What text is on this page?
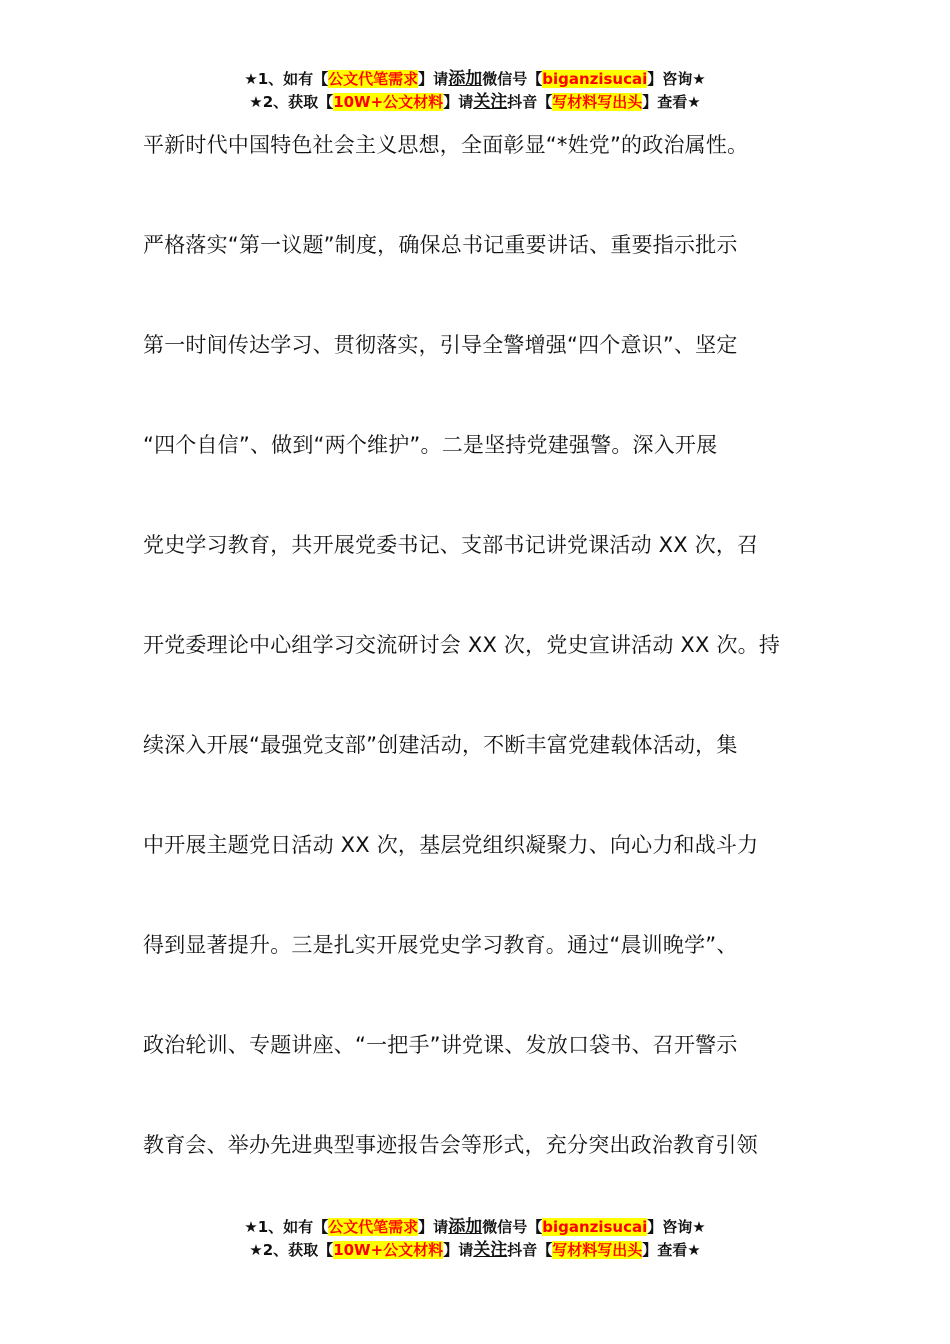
★1、如有【公文代笔需求】请添加微信号【biganzisucai】咨询★
★2、获取【10W+公文材料】请关注抖音【写材料写出头】查看★
平新时代中国特色社会主义思想，全面彰显“*姓党”的政治属性。
严格落实“第一议题”制度，确保总书记重要讲话、重要指示批示
第一时间传达学习、贯彻落实，引导全警增强“四个意识”、坚定
“四个自信”、做到“两个维护”。二是坚持党建强警。深入开展
党史学习教育，共开展党委书记、支部书记讲党课活动 XX 次，召
开党委理论中心组学习交流研讨会 XX 次，党史宣讲活动 XX 次。持
续深入开展“最强党支部”创建活动，不断丰富党建载体活动，集
中开展主题党日活动 XX 次，基层党组织凝聚力、向心力和战斗力
得到显著提升。三是扎实开展党史学习教育。通过“晨训晚学”、
政治轮训、专题讲座、“一把手”讲党课、发放口袋书、召开警示
教育会、举办先进典型事迹报告会等形式，充分突出政治教育引领
★1、如有【公文代笔需求】请添加微信号【biganzisucai】咨询★
★2、获取【10W+公文材料】请关注抖音【写材料写出头】查看★
